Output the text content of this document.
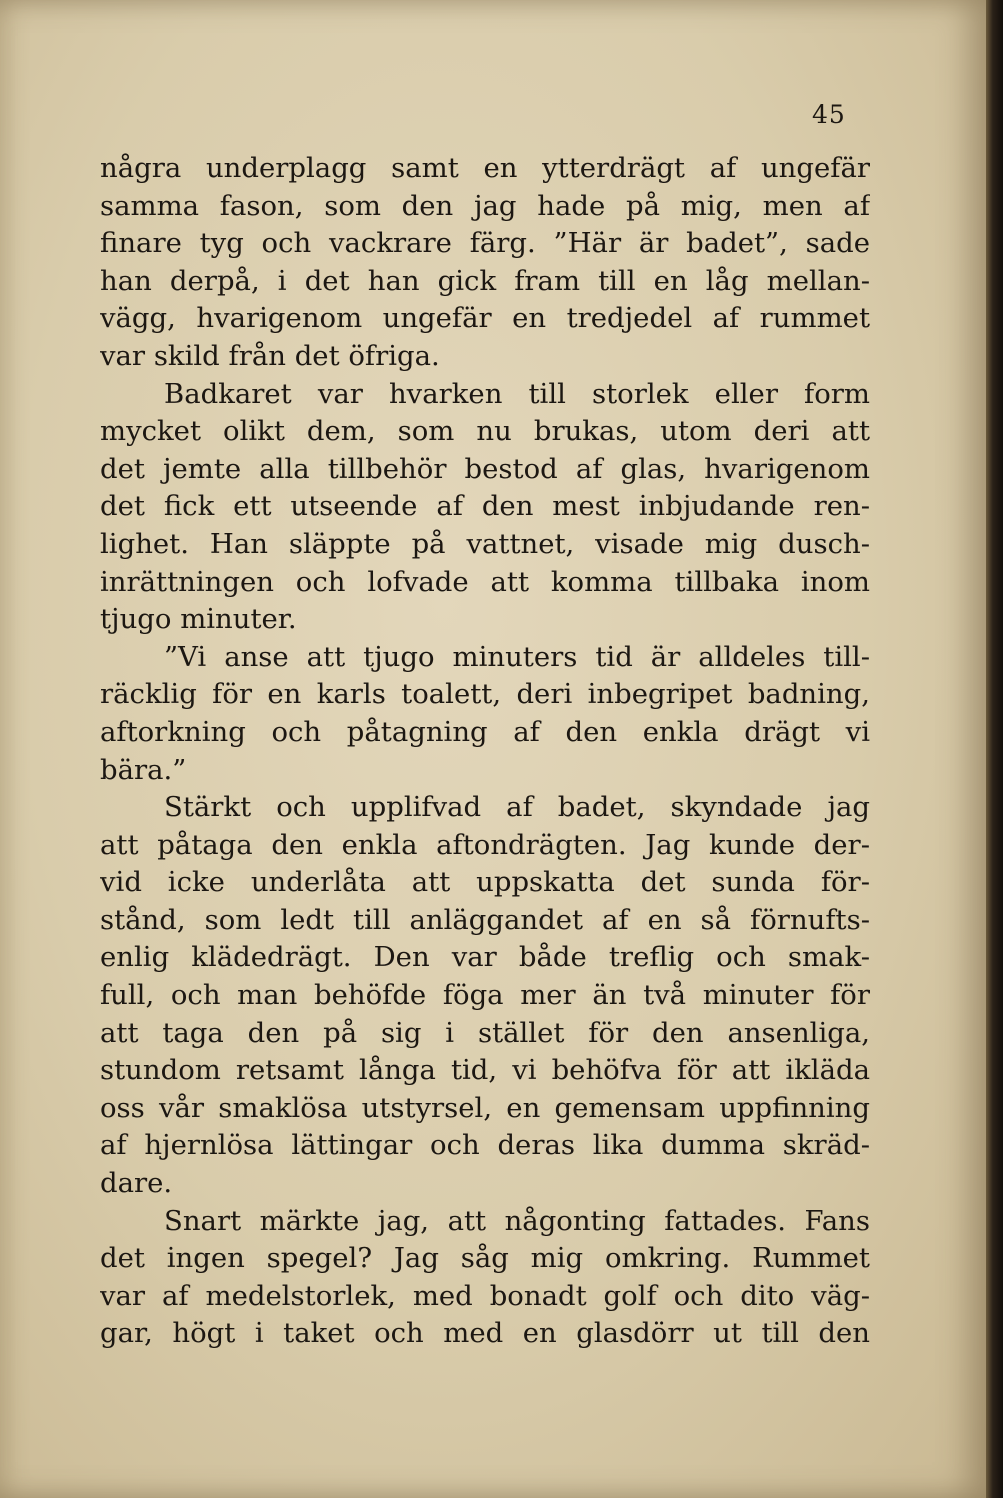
45
några underplagg samt en ytterdrägt af ungefär
samma fason, som den jag hade på mig, men af
finare tyg och vackrare färg. ”Här är badet”, sade
han derpå, i det han gick fram till en låg mellan-
vägg, hvarigenom ungefär en tredjedel af rummet
var skild från det öfriga.
Badkaret var hvarken till storlek eller form
mycket olikt dem, som nu brukas, utom deri att
det jemte alla tillbehör bestod af glas, hvarigenom
det fick ett utseende af den mest inbjudande ren-
lighet. Han släppte på vattnet, visade mig dusch-
inrättningen och lofvade att komma tillbaka inom
tjugo minuter.
”Vi anse att tjugo minuters tid är alldeles till-
räcklig för en karls toalett, deri inbegripet badning,
aftorkning och påtagning af den enkla drägt vi
bära.”
Stärkt och upplifvad af badet, skyndade jag
att påtaga den enkla aftondrägten. Jag kunde der-
vid icke underlåta att uppskatta det sunda för-
stånd, som ledt till anläggandet af en så förnufts-
enlig klädedrägt. Den var både treflig och smak-
full, och man behöfde föga mer än två minuter för
att taga den på sig i stället för den ansenliga,
stundom retsamt långa tid, vi behöfva för att ikläda
oss vår smaklösa utstyrsel, en gemensam uppfinning
af hjernlösa lättingar och deras lika dumma skräd-
dare.
Snart märkte jag, att någonting fattades. Fans
det ingen spegel? Jag såg mig omkring. Rummet
var af medelstorlek, med bonadt golf och dito väg-
gar, högt i taket och med en glasdörr ut till den
